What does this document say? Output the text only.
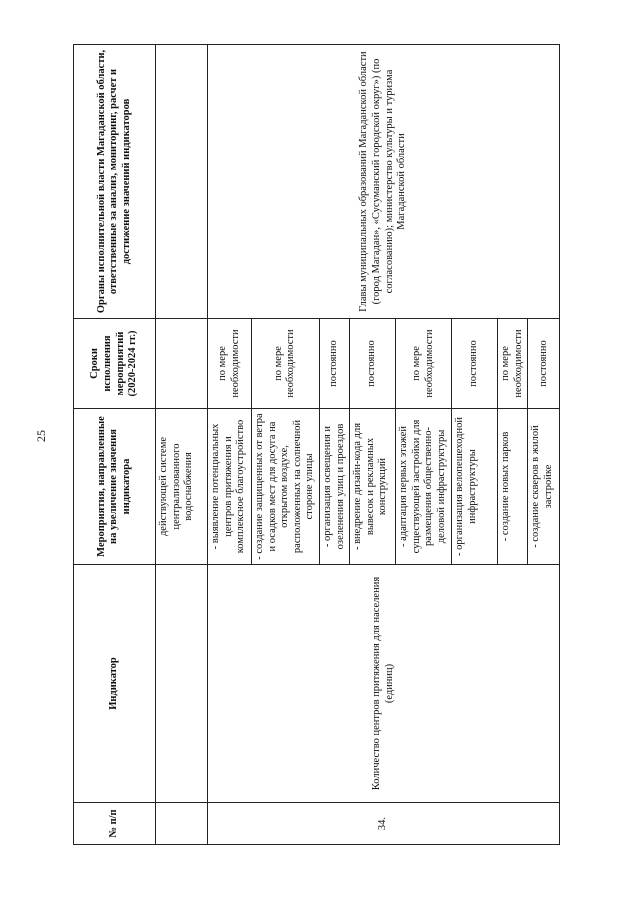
25
№ п/п	Индикатор	Мероприятия, направленные на увеличение значения индикатора	Сроки исполнения мероприятий (2020-2024 гг.)	Органы исполнительной власти Магаданской области, ответственные за анализ, мониторинг, расчет и достижение значений индикаторов
		действующей системе централизованного водоснабжения		
34.	Количество центров притяжения для населения (единиц)	- выявление потенциальных центров притяжения и комплексное благоустройство	по мере необходимости	Главы муниципальных образований Магаданской области (город Магадан», «Сусуманский городской округ») (по согласованию); министерство культуры и туризма Магаданской области
		- создание защищенных от ветра и осадков мест для досуга на открытом воздухе, расположенных на солнечной стороне улицы	по мере необходимости	
		- организация освещения и озеленения улиц и проездов	постоянно	
		- внедрение дизайн-кода для вывесок и рекламных конструкций	постоянно	
		- адаптация первых этажей существующей застройки для размещения общественно-деловой инфраструктуры	по мере необходимости	
		- организация велопешеходной инфраструктуры	постоянно	
		- создание новых парков	по мере необходимости	
		- создание скверов в жилой застройке	постоянно	
